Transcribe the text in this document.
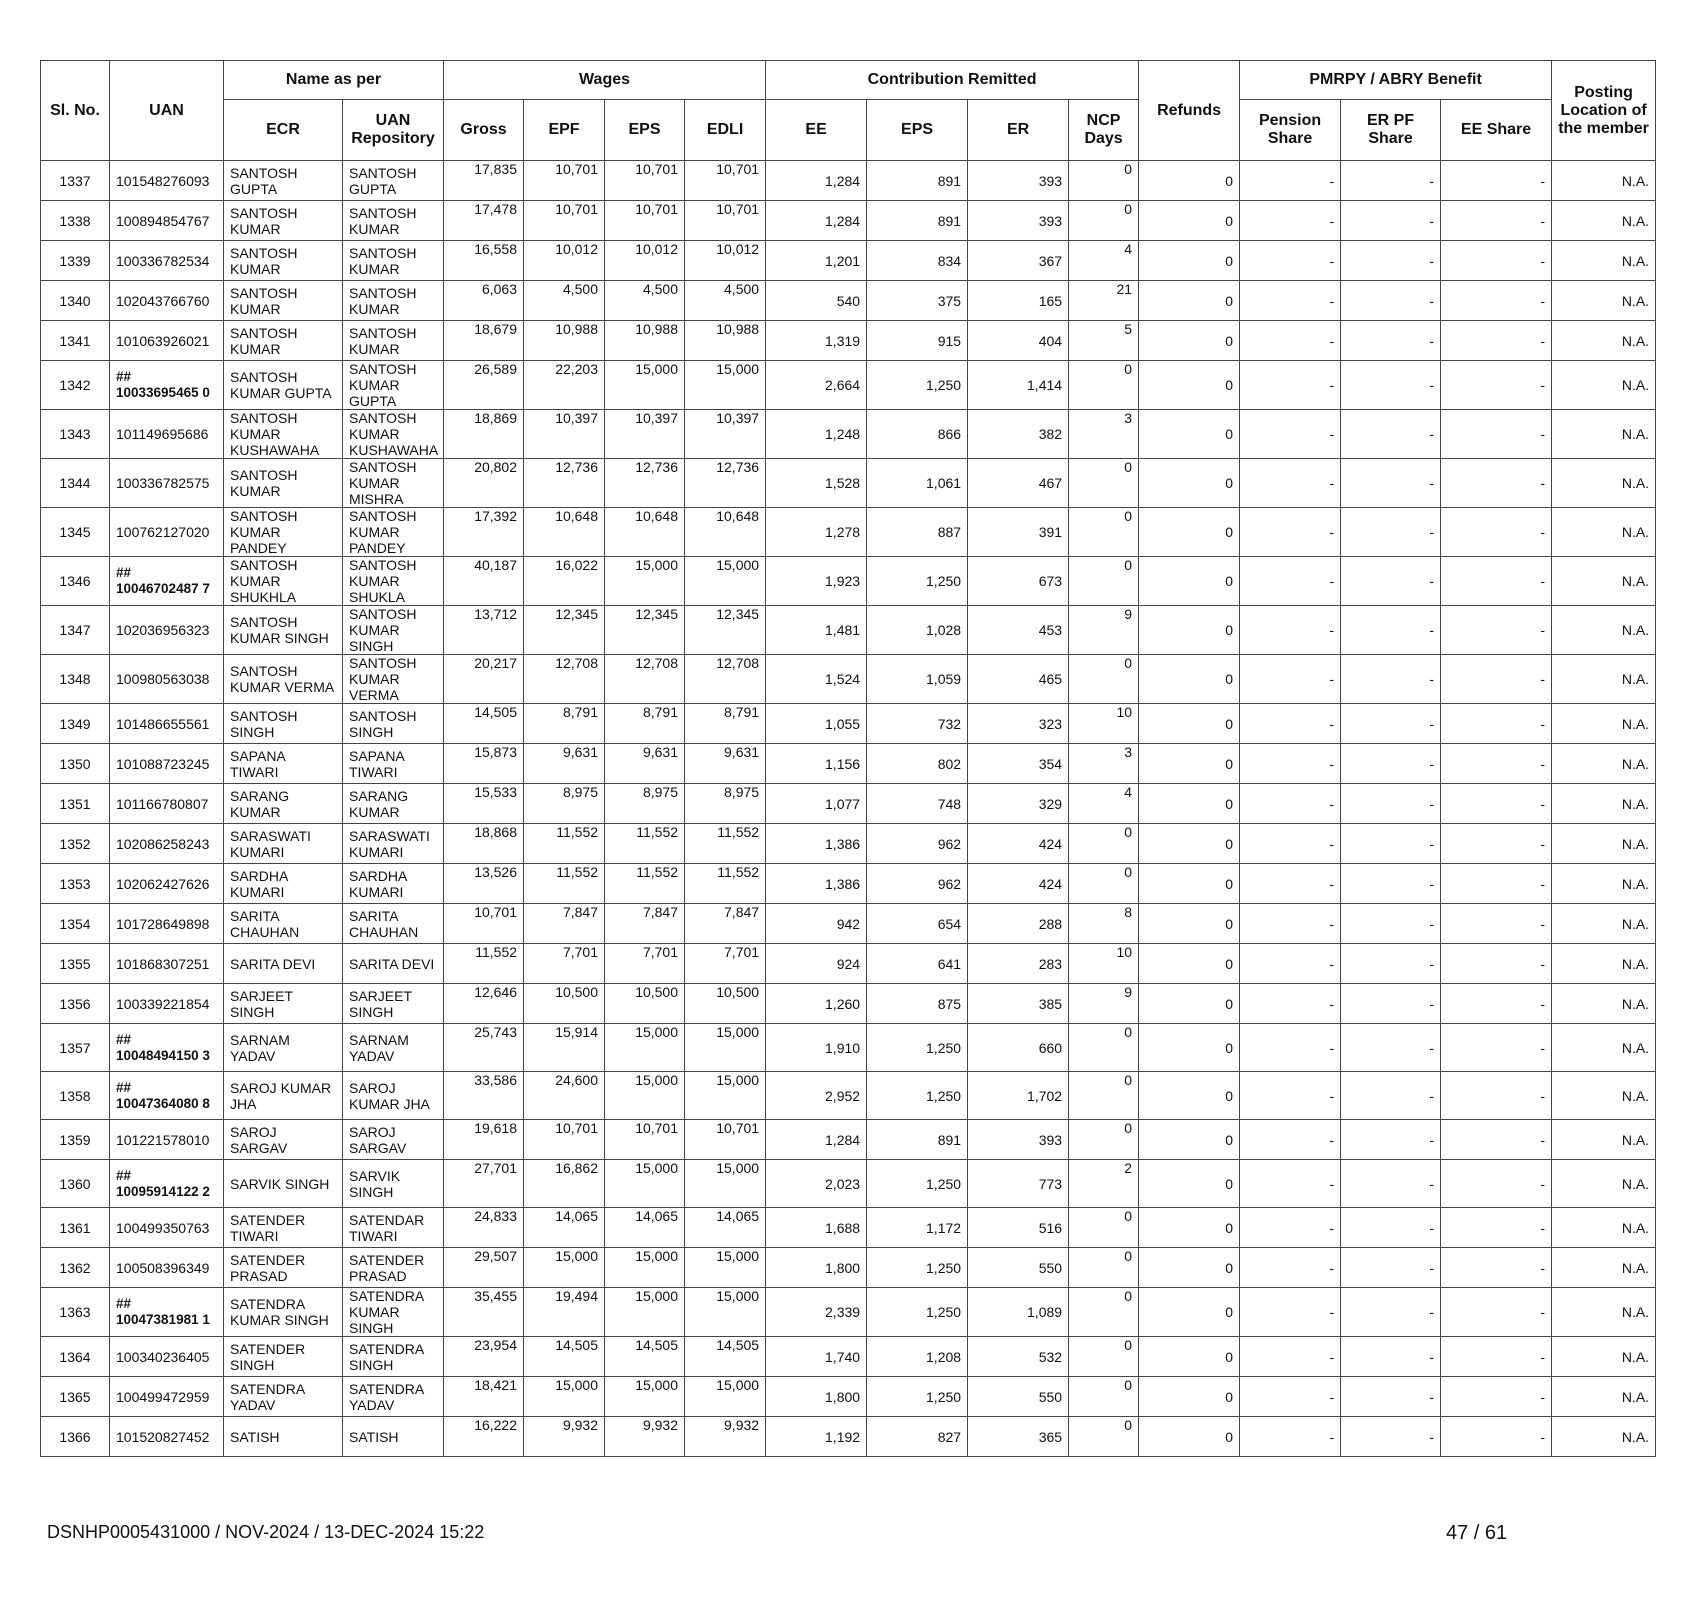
Sl. No.	UAN	Name as per		Wages				Contribution Remitted				Refunds	PMRPY / ABRY Benefit			Posting Location of the member
		ECR	UAN Repository	Gross	EPF	EPS	EDLI	EE	EPS	ER	NCP Days		Pension Share	ER PF Share	EE Share	
1337	101548276093	SANTOSH GUPTA	SANTOSH GUPTA	17,835	10,701	10,701	10,701	1,284	891	393	0	0	-	-	-	N.A.
1338	100894854767	SANTOSH KUMAR	SANTOSH KUMAR	17,478	10,701	10,701	10,701	1,284	891	393	0	0	-	-	-	N.A.
1339	100336782534	SANTOSH KUMAR	SANTOSH KUMAR	16,558	10,012	10,012	10,012	1,201	834	367	4	0	-	-	-	N.A.
1340	102043766760	SANTOSH KUMAR	SANTOSH KUMAR	6,063	4,500	4,500	4,500	540	375	165	21	0	-	-	-	N.A.
1341	101063926021	SANTOSH KUMAR	SANTOSH KUMAR	18,679	10,988	10,988	10,988	1,319	915	404	5	0	-	-	-	N.A.
1342	## 10033695465 0	SANTOSH KUMAR GUPTA	SANTOSH KUMAR GUPTA	26,589	22,203	15,000	15,000	2,664	1,250	1,414	0	0	-	-	-	N.A.
1343	101149695686	SANTOSH KUMAR KUSHAWAHA	SANTOSH KUMAR KUSHAWAHA	18,869	10,397	10,397	10,397	1,248	866	382	3	0	-	-	-	N.A.
1344	100336782575	SANTOSH KUMAR	SANTOSH KUMAR MISHRA	20,802	12,736	12,736	12,736	1,528	1,061	467	0	0	-	-	-	N.A.
1345	100762127020	SANTOSH KUMAR PANDEY	SANTOSH KUMAR PANDEY	17,392	10,648	10,648	10,648	1,278	887	391	0	0	-	-	-	N.A.
1346	## 10046702487 7	SANTOSH KUMAR SHUKHLA	SANTOSH KUMAR SHUKLA	40,187	16,022	15,000	15,000	1,923	1,250	673	0	0	-	-	-	N.A.
1347	102036956323	SANTOSH KUMAR SINGH	SANTOSH KUMAR SINGH	13,712	12,345	12,345	12,345	1,481	1,028	453	9	0	-	-	-	N.A.
1348	100980563038	SANTOSH KUMAR VERMA	SANTOSH KUMAR VERMA	20,217	12,708	12,708	12,708	1,524	1,059	465	0	0	-	-	-	N.A.
1349	101486655561	SANTOSH SINGH	SANTOSH SINGH	14,505	8,791	8,791	8,791	1,055	732	323	10	0	-	-	-	N.A.
1350	101088723245	SAPANA TIWARI	SAPANA TIWARI	15,873	9,631	9,631	9,631	1,156	802	354	3	0	-	-	-	N.A.
1351	101166780807	SARANG KUMAR	SARANG KUMAR	15,533	8,975	8,975	8,975	1,077	748	329	4	0	-	-	-	N.A.
1352	102086258243	SARASWATI KUMARI	SARASWATI KUMARI	18,868	11,552	11,552	11,552	1,386	962	424	0	0	-	-	-	N.A.
1353	102062427626	SARDHA KUMARI	SARDHA KUMARI	13,526	11,552	11,552	11,552	1,386	962	424	0	0	-	-	-	N.A.
1354	101728649898	SARITA CHAUHAN	SARITA CHAUHAN	10,701	7,847	7,847	7,847	942	654	288	8	0	-	-	-	N.A.
1355	101868307251	SARITA DEVI	SARITA DEVI	11,552	7,701	7,701	7,701	924	641	283	10	0	-	-	-	N.A.
1356	100339221854	SARJEET SINGH	SARJEET SINGH	12,646	10,500	10,500	10,500	1,260	875	385	9	0	-	-	-	N.A.
1357	## 10048494150 3	SARNAM YADAV	SARNAM YADAV	25,743	15,914	15,000	15,000	1,910	1,250	660	0	0	-	-	-	N.A.
1358	## 10047364080 8	SAROJ KUMAR JHA	SAROJ KUMAR JHA	33,586	24,600	15,000	15,000	2,952	1,250	1,702	0	0	-	-	-	N.A.
1359	101221578010	SAROJ SARGAV	SAROJ SARGAV	19,618	10,701	10,701	10,701	1,284	891	393	0	0	-	-	-	N.A.
1360	## 10095914122 2	SARVIK SINGH	SARVIK SINGH	27,701	16,862	15,000	15,000	2,023	1,250	773	2	0	-	-	-	N.A.
1361	100499350763	SATENDER TIWARI	SATENDAR TIWARI	24,833	14,065	14,065	14,065	1,688	1,172	516	0	0	-	-	-	N.A.
1362	100508396349	SATENDER PRASAD	SATENDER PRASAD	29,507	15,000	15,000	15,000	1,800	1,250	550	0	0	-	-	-	N.A.
1363	## 10047381981 1	SATENDRA KUMAR SINGH	SATENDRA KUMAR SINGH	35,455	19,494	15,000	15,000	2,339	1,250	1,089	0	0	-	-	-	N.A.
1364	100340236405	SATENDER SINGH	SATENDRA SINGH	23,954	14,505	14,505	14,505	1,740	1,208	532	0	0	-	-	-	N.A.
1365	100499472959	SATENDRA YADAV	SATENDRA YADAV	18,421	15,000	15,000	15,000	1,800	1,250	550	0	0	-	-	-	N.A.
1366	101520827452	SATISH	SATISH	16,222	9,932	9,932	9,932	1,192	827	365	0	0	-	-	-	N.A.
DSNHP0005431000 / NOV-2024 / 13-DEC-2024 15:22	47 / 61
